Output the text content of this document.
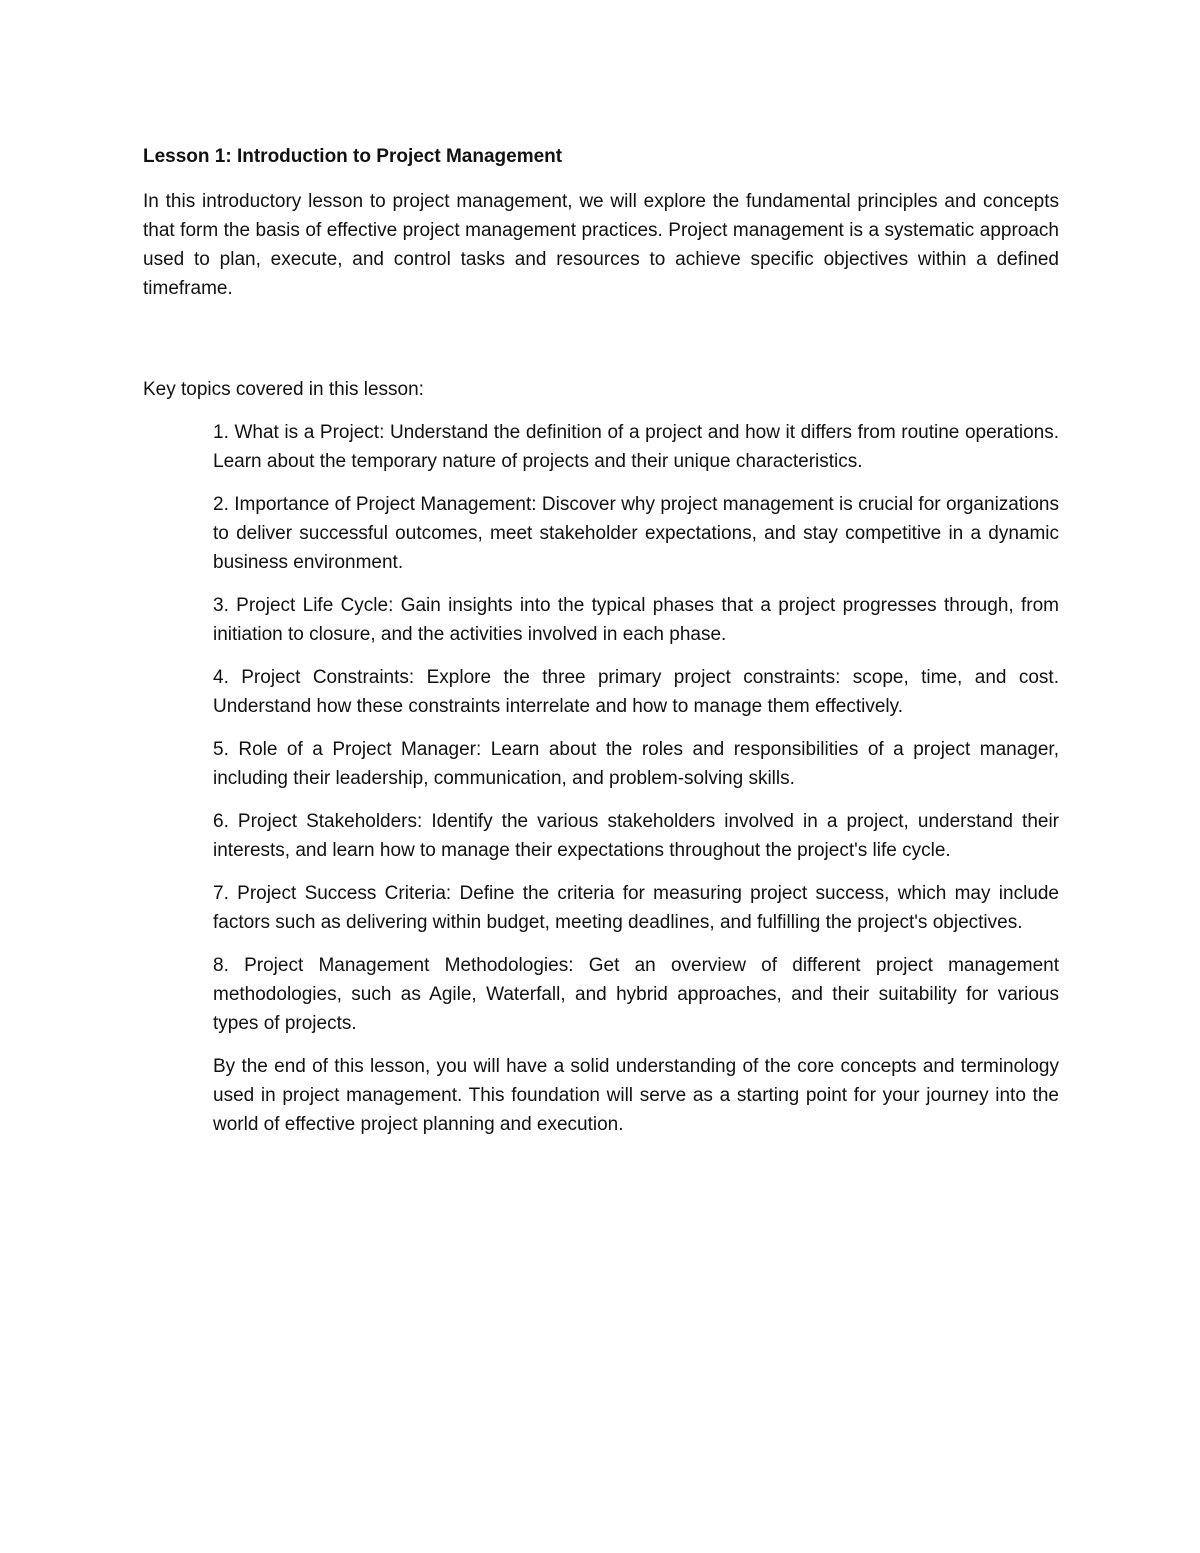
Lesson 1: Introduction to Project Management

In this introductory lesson to project management, we will explore the fundamental principles and concepts that form the basis of effective project management practices. Project management is a systematic approach used to plan, execute, and control tasks and resources to achieve specific objectives within a defined timeframe.

Key topics covered in this lesson:

1. What is a Project: Understand the definition of a project and how it differs from routine operations. Learn about the temporary nature of projects and their unique characteristics.
2. Importance of Project Management: Discover why project management is crucial for organizations to deliver successful outcomes, meet stakeholder expectations, and stay competitive in a dynamic business environment.
3. Project Life Cycle: Gain insights into the typical phases that a project progresses through, from initiation to closure, and the activities involved in each phase.
4. Project Constraints: Explore the three primary project constraints: scope, time, and cost. Understand how these constraints interrelate and how to manage them effectively.
5. Role of a Project Manager: Learn about the roles and responsibilities of a project manager, including their leadership, communication, and problem-solving skills.
6. Project Stakeholders: Identify the various stakeholders involved in a project, understand their interests, and learn how to manage their expectations throughout the project's life cycle.
7. Project Success Criteria: Define the criteria for measuring project success, which may include factors such as delivering within budget, meeting deadlines, and fulfilling the project's objectives.
8. Project Management Methodologies: Get an overview of different project management methodologies, such as Agile, Waterfall, and hybrid approaches, and their suitability for various types of projects.

By the end of this lesson, you will have a solid understanding of the core concepts and terminology used in project management. This foundation will serve as a starting point for your journey into the world of effective project planning and execution.
